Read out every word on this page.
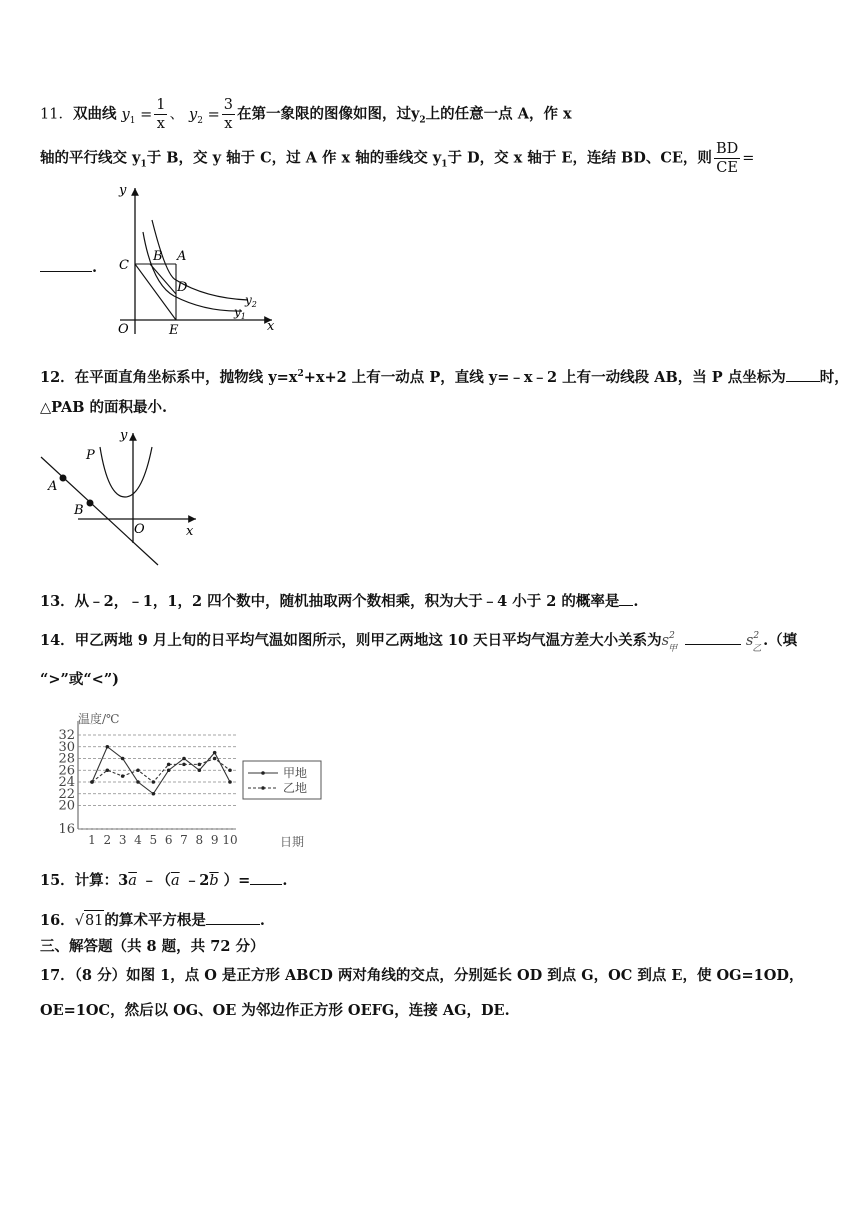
11．双曲线 $y_1 = \frac{1}{x}$ 、 $y_2 = \frac{3}{x}$ 在第一象限的图像如图，过$y_2$上的任意一点 A，作 x
轴的平行线交 $y_1$于 B，交 y 轴于 C，过 A 作 x 轴的垂线交 $y_1$于 D，交 x 轴于 E，连结 BD、CE，则 $\frac{BD}{CE}$ =
.
y
x
O
C
B A
D
E
$y_2$
$y_1$
12．在平面直角坐标系中，抛物线 $y=x^2+x+2$ 上有一动点 P，直线 y=﹣x﹣2 上有一动线段 AB，当 P 点坐标为 时，
△PAB 的面积最小.
y
x
P
A
B
O
13．从﹣2，﹣1，1，2 四个数中，随机抽取两个数相乘，积为大于﹣4 小于 2 的概率是 .
14．甲乙两地 9 月上旬的日平均气温如图所示，则甲乙两地这 10 天日平均气温方差大小关系为s2
甲	s2
乙 .（填
“>”或“<”)
温度/℃
日期
16
20
22
24
26
28
30
32
1 2 3 4 5 6 7 8 9 10
甲地
乙地
15．计算：$3\overline{a}$ $﹣(\overline{a}$ $﹣2\overline{b}$ ）= .
16．√81的算术平方根是	.
三、解答题（共 8 题，共 72 分）
17．（8 分）如图 1，点 O 是正方形 ABCD 两对角线的交点，分别延长 OD 到点 G，OC 到点 E，使 OG=1OD，
OE=1OC，然后以 OG、OE 为邻边作正方形 OEFG，连接 AG，DE.
